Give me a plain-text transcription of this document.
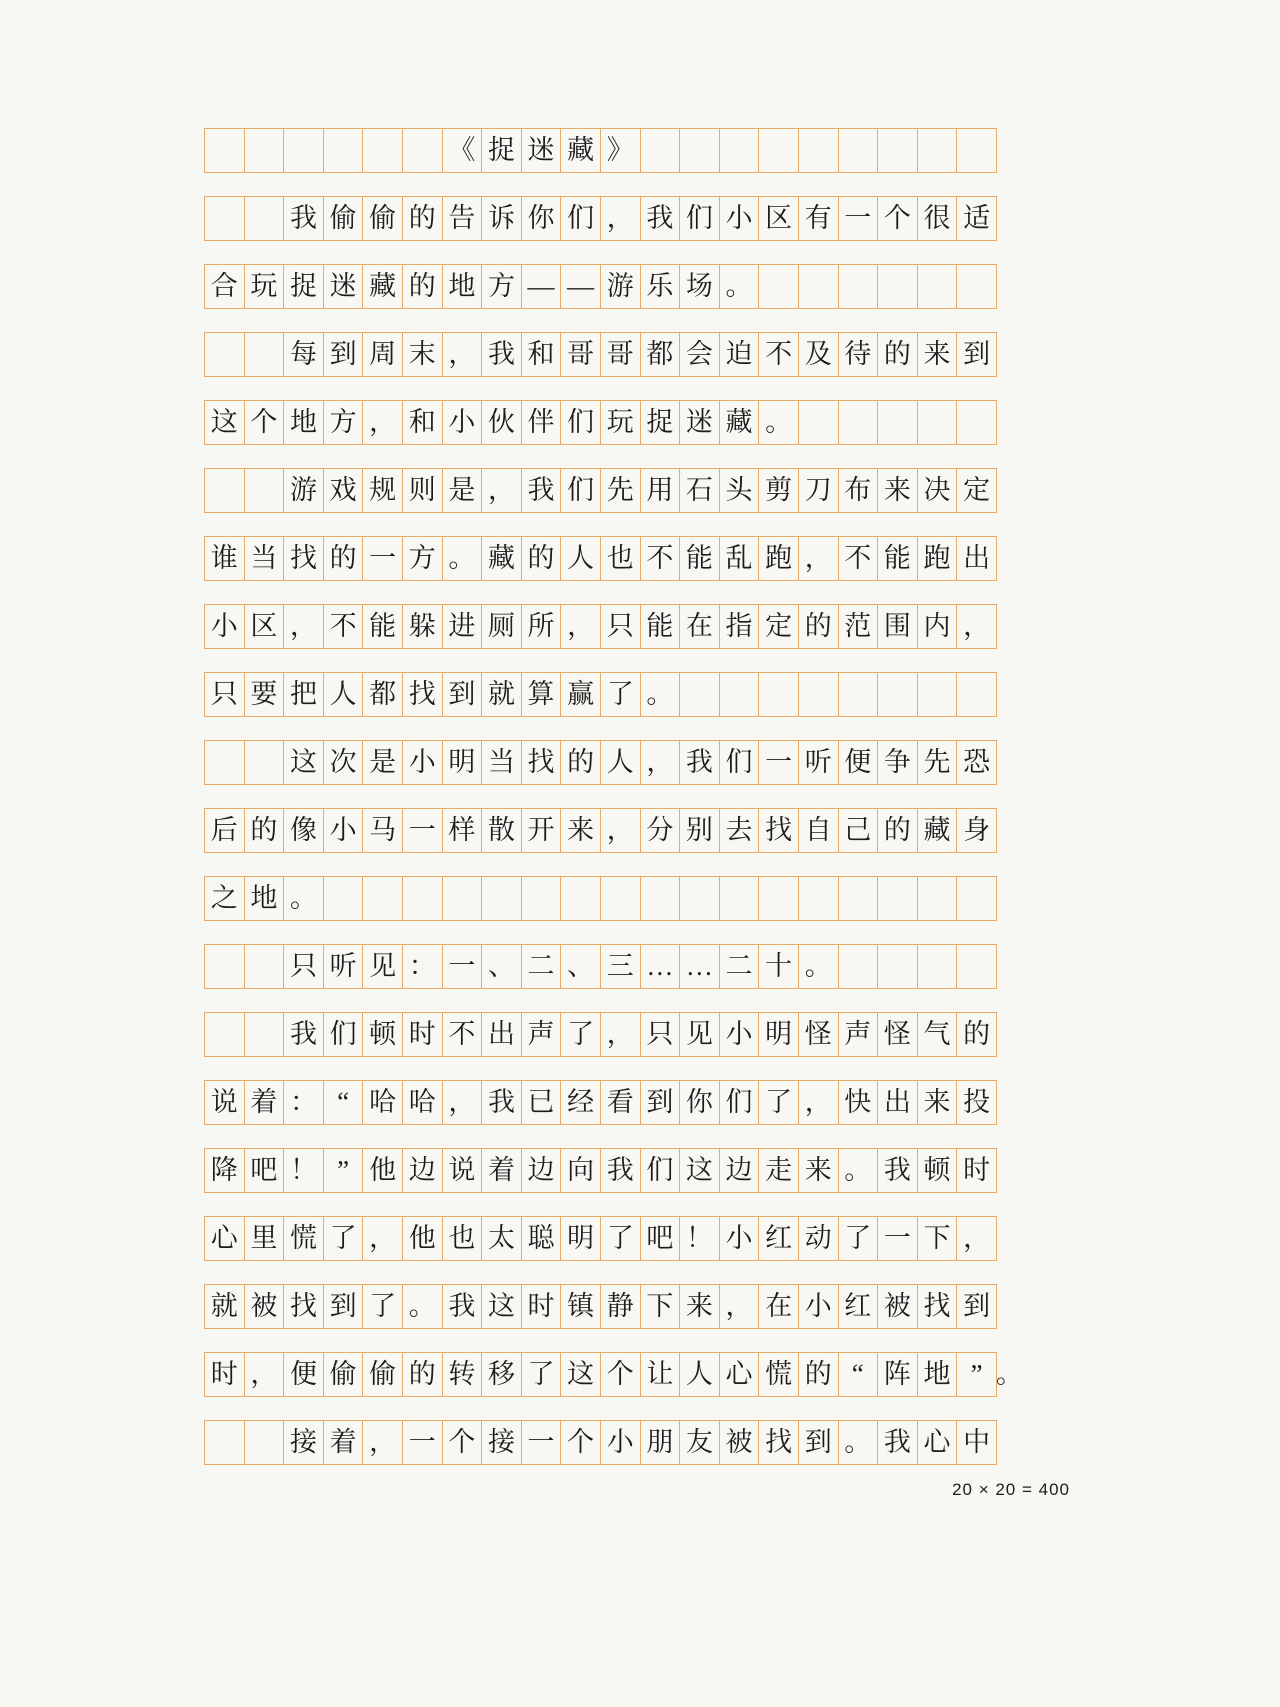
						《	捉	迷	藏	》									

		我	偷	偷	的	告	诉	你	们	，	我	们	小	区	有	一	个	很	适

合	玩	捉	迷	藏	的	地	方	—	—	游	乐	场	。						

		每	到	周	末	，	我	和	哥	哥	都	会	迫	不	及	待	的	来	到

这	个	地	方	，	和	小	伙	伴	们	玩	捉	迷	藏	。					

		游	戏	规	则	是	，	我	们	先	用	石	头	剪	刀	布	来	决	定

谁	当	找	的	一	方	。	藏	的	人	也	不	能	乱	跑	，	不	能	跑	出

小	区	，	不	能	躲	进	厕	所	，	只	能	在	指	定	的	范	围	内	，

只	要	把	人	都	找	到	就	算	赢	了	。								

		这	次	是	小	明	当	找	的	人	，	我	们	一	听	便	争	先	恐

后	的	像	小	马	一	样	散	开	来	，	分	别	去	找	自	己	的	藏	身

之	地	。																	

		只	听	见	：	一	、	二	、	三	…	…	二	十	。				

		我	们	顿	时	不	出	声	了	，	只	见	小	明	怪	声	怪	气	的

说	着	：	“	哈	哈	，	我	已	经	看	到	你	们	了	，	快	出	来	投

降	吧	！	”	他	边	说	着	边	向	我	们	这	边	走	来	。	我	顿	时

心	里	慌	了	，	他	也	太	聪	明	了	吧	！	小	红	动	了	一	下	，

就	被	找	到	了	。	我	这	时	镇	静	下	来	，	在	小	红	被	找	到

时	，	便	偷	偷	的	转	移	了	这	个	让	人	心	慌	的	“	阵	地	” 。

		接	着	，	一	个	接	一	个	小	朋	友	被	找	到	。	我	心	中
20 × 20 = 400
